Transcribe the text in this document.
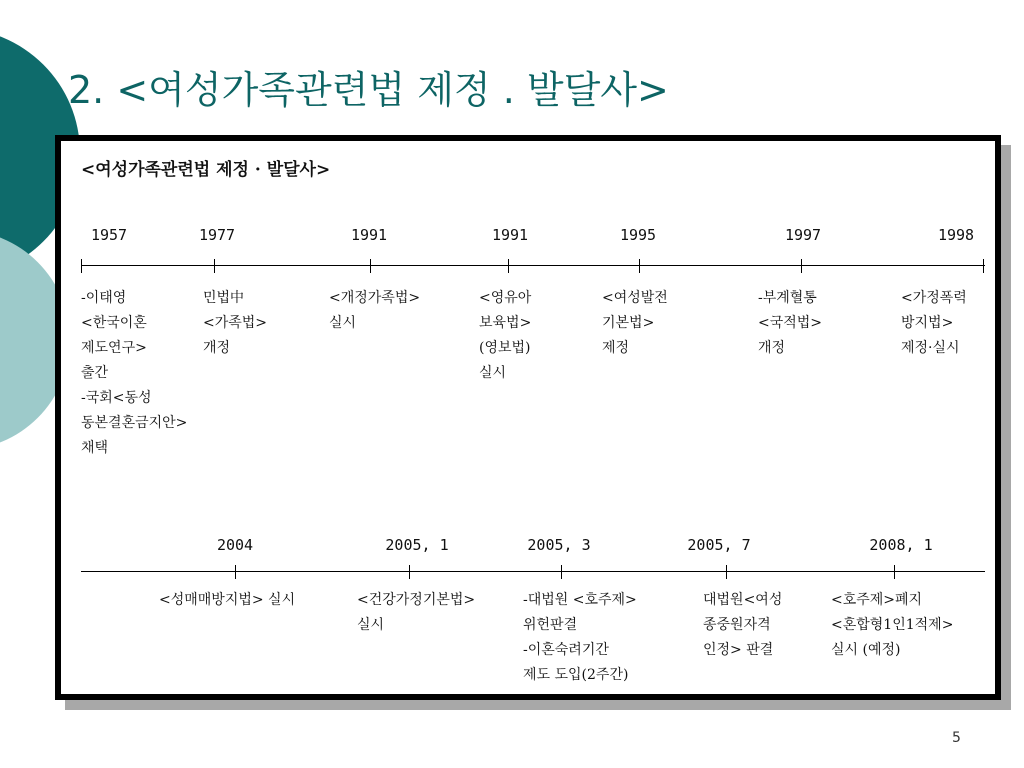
2. <여성가족관련법 제정 . 발달사>
<여성가족관련법 제정 · 발달사>
1957
-이태영
<한국이혼
제도연구>
출간
-국회<동성
동본결혼금지안>
채택
1977
민법中
<가족법>
개정
1991
<개정가족법>
실시
1991
<영유아
보육법>
(영보법)
실시
1995
<여성발전
기본법>
제정
1997
-부계혈통
<국적법>
개정
1998
<가정폭력
방지법>
제정·실시
2004
<성매매방지법> 실시
2005, 1
<건강가정기본법>
실시
2005, 3
-대법원 <호주제>
위헌판결
-이혼숙려기간
제도 도입(2주간)
2005, 7
대법원<여성
종중원자격
인정> 판결
2008, 1
<호주제>폐지
<혼합형1인1적제>
실시 (예정)
5
